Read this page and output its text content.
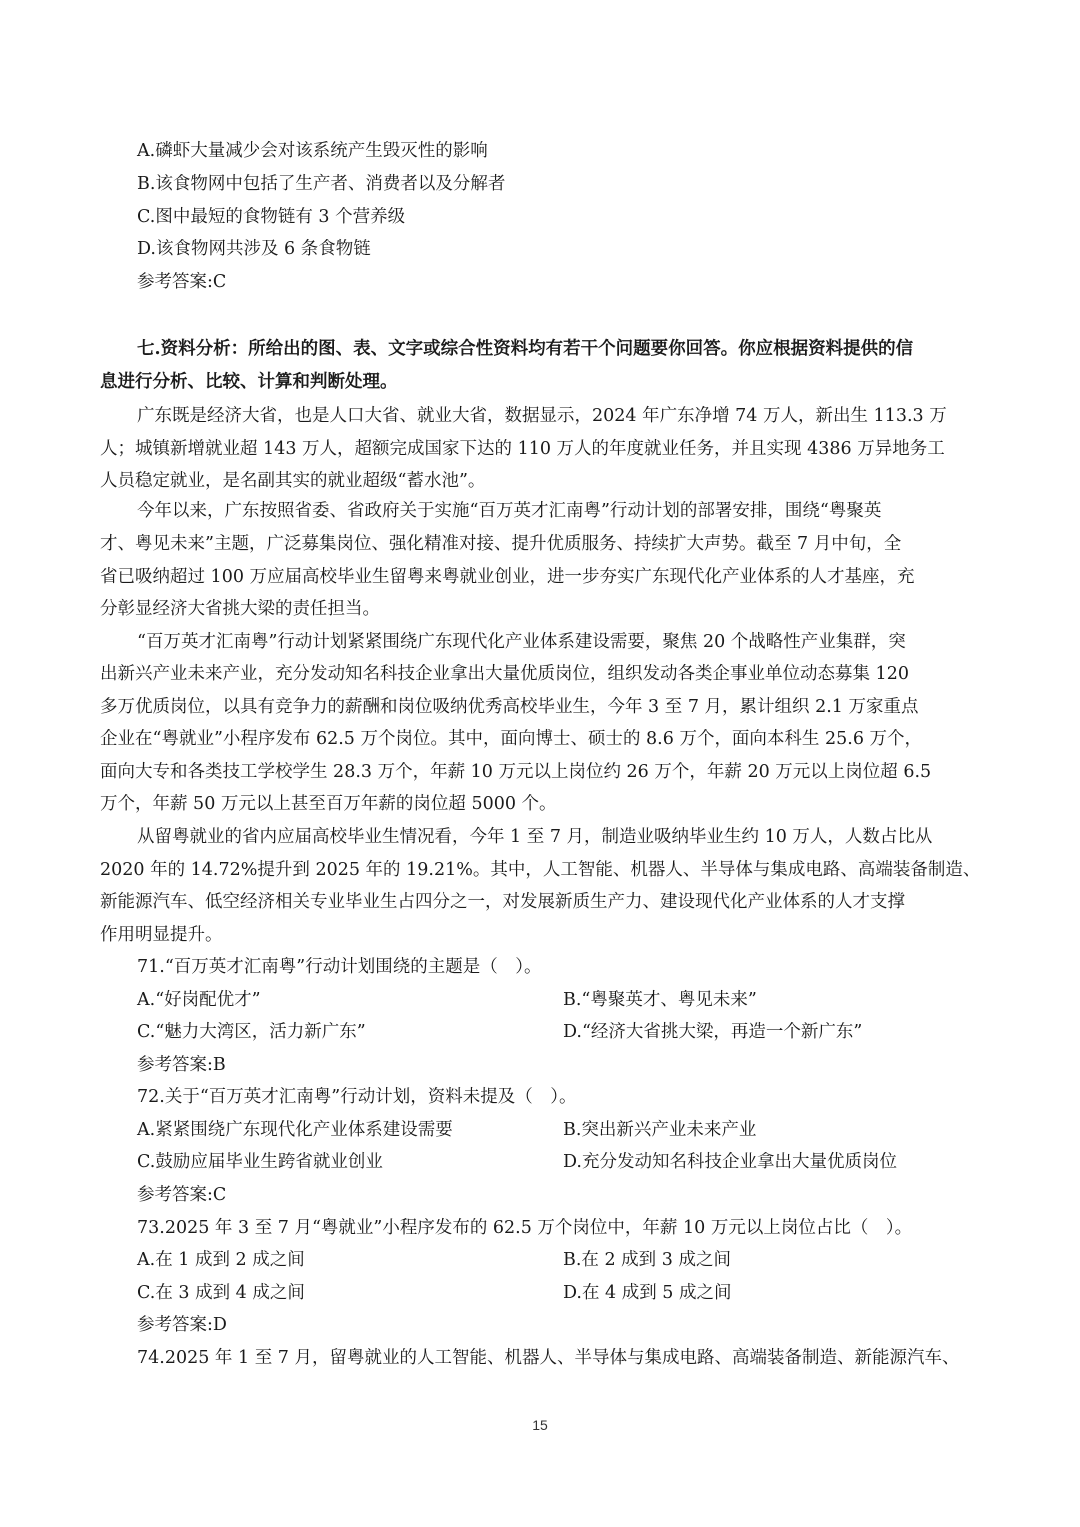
A.磷虾大量减少会对该系统产生毁灭性的影响
B.该食物网中包括了生产者、消费者以及分解者
C.图中最短的食物链有 3 个营养级
D.该食物网共涉及 6 条食物链
参考答案:C
七.资料分析：所给出的图、表、文字或综合性资料均有若干个问题要你回答。你应根据资料提供的信
息进行分析、比较、计算和判断处理。
广东既是经济大省，也是人口大省、就业大省，数据显示，2024 年广东净增 74 万人，新出生 113.3 万
人；城镇新增就业超 143 万人，超额完成国家下达的 110 万人的年度就业任务，并且实现 4386 万异地务工
人员稳定就业，是名副其实的就业超级“蓄水池”。
今年以来，广东按照省委、省政府关于实施“百万英才汇南粤”行动计划的部署安排，围绕“粤聚英
才、粤见未来”主题，广泛募集岗位、强化精准对接、提升优质服务、持续扩大声势。截至 7 月中旬，全
省已吸纳超过 100 万应届高校毕业生留粤来粤就业创业，进一步夯实广东现代化产业体系的人才基座，充
分彰显经济大省挑大梁的责任担当。
“百万英才汇南粤”行动计划紧紧围绕广东现代化产业体系建设需要，聚焦 20 个战略性产业集群，突
出新兴产业未来产业，充分发动知名科技企业拿出大量优质岗位，组织发动各类企事业单位动态募集 120
多万优质岗位，以具有竞争力的薪酬和岗位吸纳优秀高校毕业生，今年 3 至 7 月，累计组织 2.1 万家重点
企业在“粤就业”小程序发布 62.5 万个岗位。其中，面向博士、硕士的 8.6 万个，面向本科生 25.6 万个，
面向大专和各类技工学校学生 28.3 万个，年薪 10 万元以上岗位约 26 万个，年薪 20 万元以上岗位超 6.5
万个，年薪 50 万元以上甚至百万年薪的岗位超 5000 个。
从留粤就业的省内应届高校毕业生情况看，今年 1 至 7 月，制造业吸纳毕业生约 10 万人，人数占比从
2020 年的 14.72%提升到 2025 年的 19.21%。其中，人工智能、机器人、半导体与集成电路、高端装备制造、
新能源汽车、低空经济相关专业毕业生占四分之一，对发展新质生产力、建设现代化产业体系的人才支撑
作用明显提升。
71.“百万英才汇南粤”行动计划围绕的主题是（　）。
A.“好岗配优才”	B.“粤聚英才、粤见未来”
C.“魅力大湾区，活力新广东”	D.“经济大省挑大梁，再造一个新广东”
参考答案:B
72.关于“百万英才汇南粤”行动计划，资料未提及（　）。
A.紧紧围绕广东现代化产业体系建设需要	B.突出新兴产业未来产业
C.鼓励应届毕业生跨省就业创业	D.充分发动知名科技企业拿出大量优质岗位
参考答案:C
73.2025 年 3 至 7 月“粤就业”小程序发布的 62.5 万个岗位中，年薪 10 万元以上岗位占比（　）。
A.在 1 成到 2 成之间	B.在 2 成到 3 成之间
C.在 3 成到 4 成之间	D.在 4 成到 5 成之间
参考答案:D
74.2025 年 1 至 7 月，留粤就业的人工智能、机器人、半导体与集成电路、高端装备制造、新能源汽车、
15
